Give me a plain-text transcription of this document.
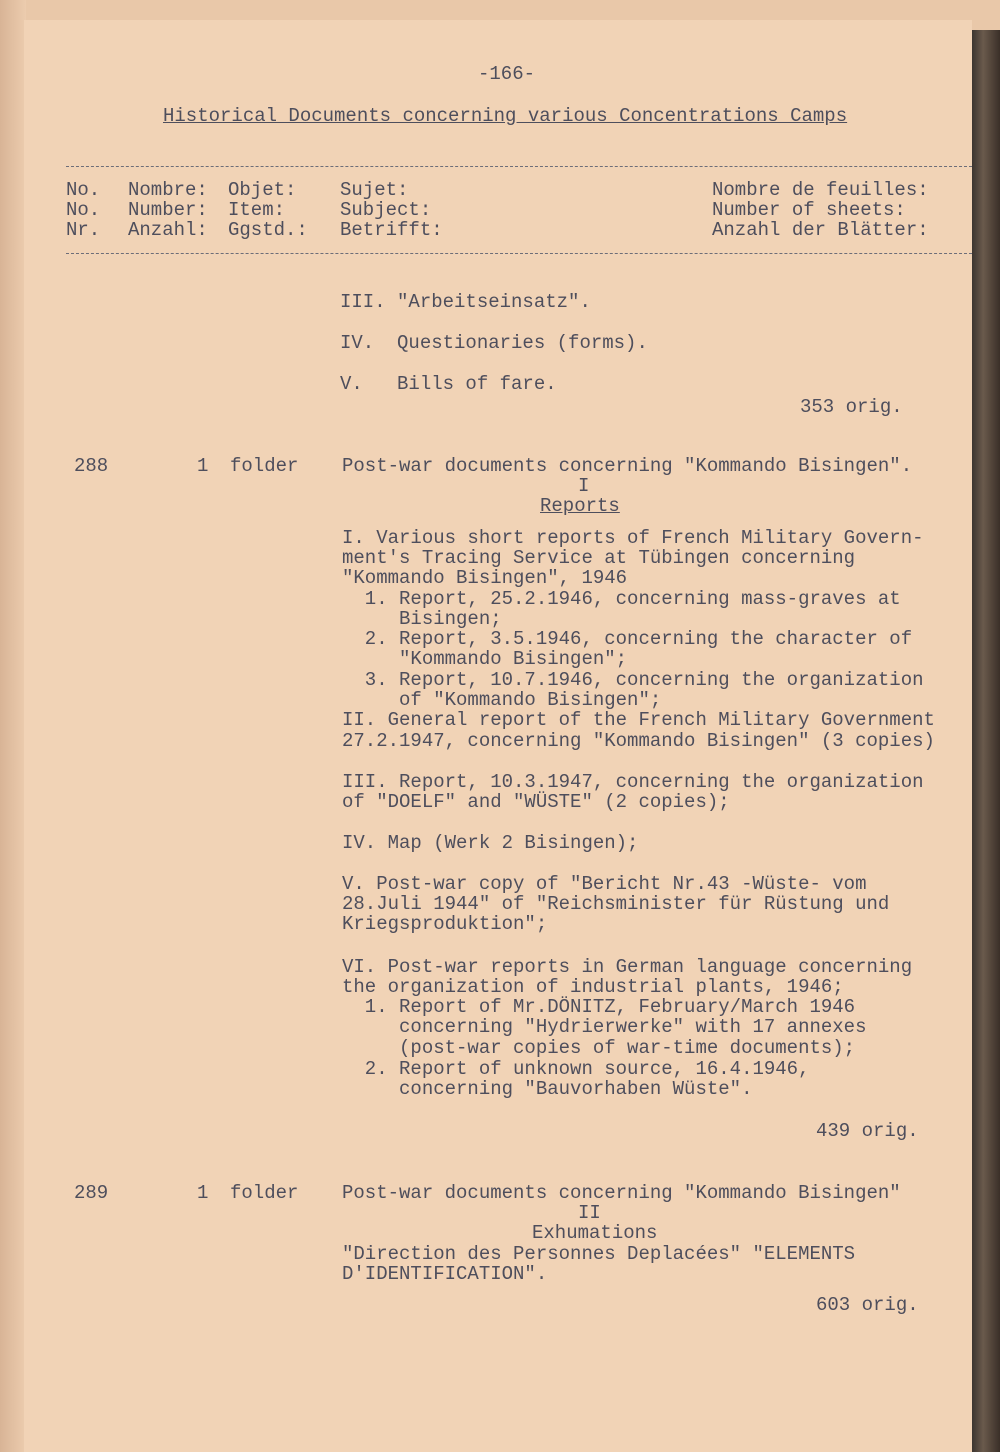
-166-
Historical Documents concerning various Concentrations Camps
No.
No.
Nr.
Nombre:
Number:
Anzahl:
Objet:
Item:
Ggstd.:
Sujet:
Subject:
Betrifft:
Nombre de feuilles:
Number of sheets:
Anzahl der Blätter:
III. "Arbeitseinsatz".
IV.  Questionaries (forms).
V.   Bills of fare.
353 orig.
288	1 folder Post-war documents concerning "Kommando Bisingen".
I
Reports
I. Various short reports of French Military Govern-
ment's Tracing Service at Tübingen concerning
"Kommando Bisingen", 1946
1. Report, 25.2.1946, concerning mass-graves at
Bisingen;
2. Report, 3.5.1946, concerning the character of
"Kommando Bisingen";
3. Report, 10.7.1946, concerning the organization
of "Kommando Bisingen";
II. General report of the French Military Government
27.2.1947, concerning "Kommando Bisingen" (3 copies)
III. Report, 10.3.1947, concerning the organization
of "DOELF" and "WÜSTE" (2 copies);
IV. Map (Werk 2 Bisingen);
V. Post-war copy of "Bericht Nr.43 -Wüste- vom
28.Juli 1944" of "Reichsminister für Rüstung und
Kriegsproduktion";
VI. Post-war reports in German language concerning
the organization of industrial plants, 1946;
1. Report of Mr.DÖNITZ, February/March 1946
concerning "Hydrierwerke" with 17 annexes
(post-war copies of war-time documents);
2. Report of unknown source, 16.4.1946,
concerning "Bauvorhaben Wüste".
439 orig.
289	1 folder Post-war documents concerning "Kommando Bisingen"
II
Exhumations
"Direction des Personnes Deplacées" "ELEMENTS
D'IDENTIFICATION".
603 orig.
